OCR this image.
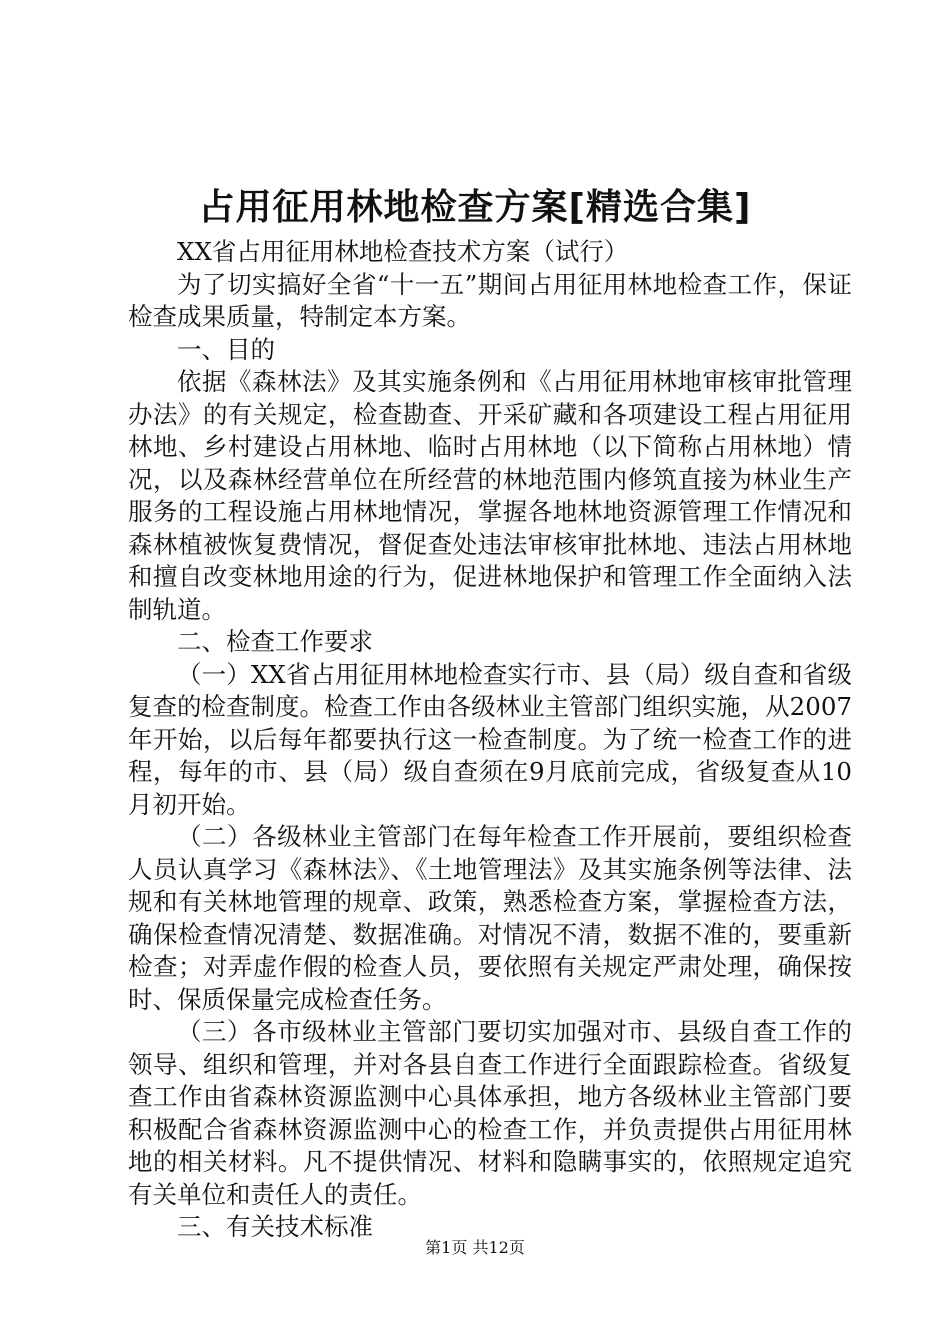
占用征用林地检查方案[精选合集]

XX省占用征用林地检查技术方案（试行）

为了切实搞好全省“十一五”期间占用征用林地检查工作，保证检查成果质量，特制定本方案。

一、目的

依据《森林法》及其实施条例和《占用征用林地审核审批管理办法》的有关规定，检查勘查、开采矿藏和各项建设工程占用征用林地、乡村建设占用林地、临时占用林地（以下简称占用林地）情况，以及森林经营单位在所经营的林地范围内修筑直接为林业生产服务的工程设施占用林地情况，掌握各地林地资源管理工作情况和森林植被恢复费情况，督促查处违法审核审批林地、违法占用林地和擅自改变林地用途的行为，促进林地保护和管理工作全面纳入法制轨道。

二、检查工作要求

（一）XX省占用征用林地检查实行市、县（局）级自查和省级复查的检查制度。检查工作由各级林业主管部门组织实施，从2007年开始，以后每年都要执行这一检查制度。为了统一检查工作的进程，每年的市、县（局）级自查须在9月底前完成，省级复查从10月初开始。

（二）各级林业主管部门在每年检查工作开展前，要组织检查人员认真学习《森林法》、《土地管理法》及其实施条例等法律、法规和有关林地管理的规章、政策，熟悉检查方案，掌握检查方法，确保检查情况清楚、数据准确。对情况不清，数据不准的，要重新检查；对弄虚作假的检查人员，要依照有关规定严肃处理，确保按时、保质保量完成检查任务。

（三）各市级林业主管部门要切实加强对市、县级自查工作的领导、组织和管理，并对各县自查工作进行全面跟踪检查。省级复查工作由省森林资源监测中心具体承担，地方各级林业主管部门要积极配合省森林资源监测中心的检查工作，并负责提供占用征用林地的相关材料。凡不提供情况、材料和隐瞒事实的，依照规定追究有关单位和责任人的责任。

三、有关技术标准

第1页 共12页
